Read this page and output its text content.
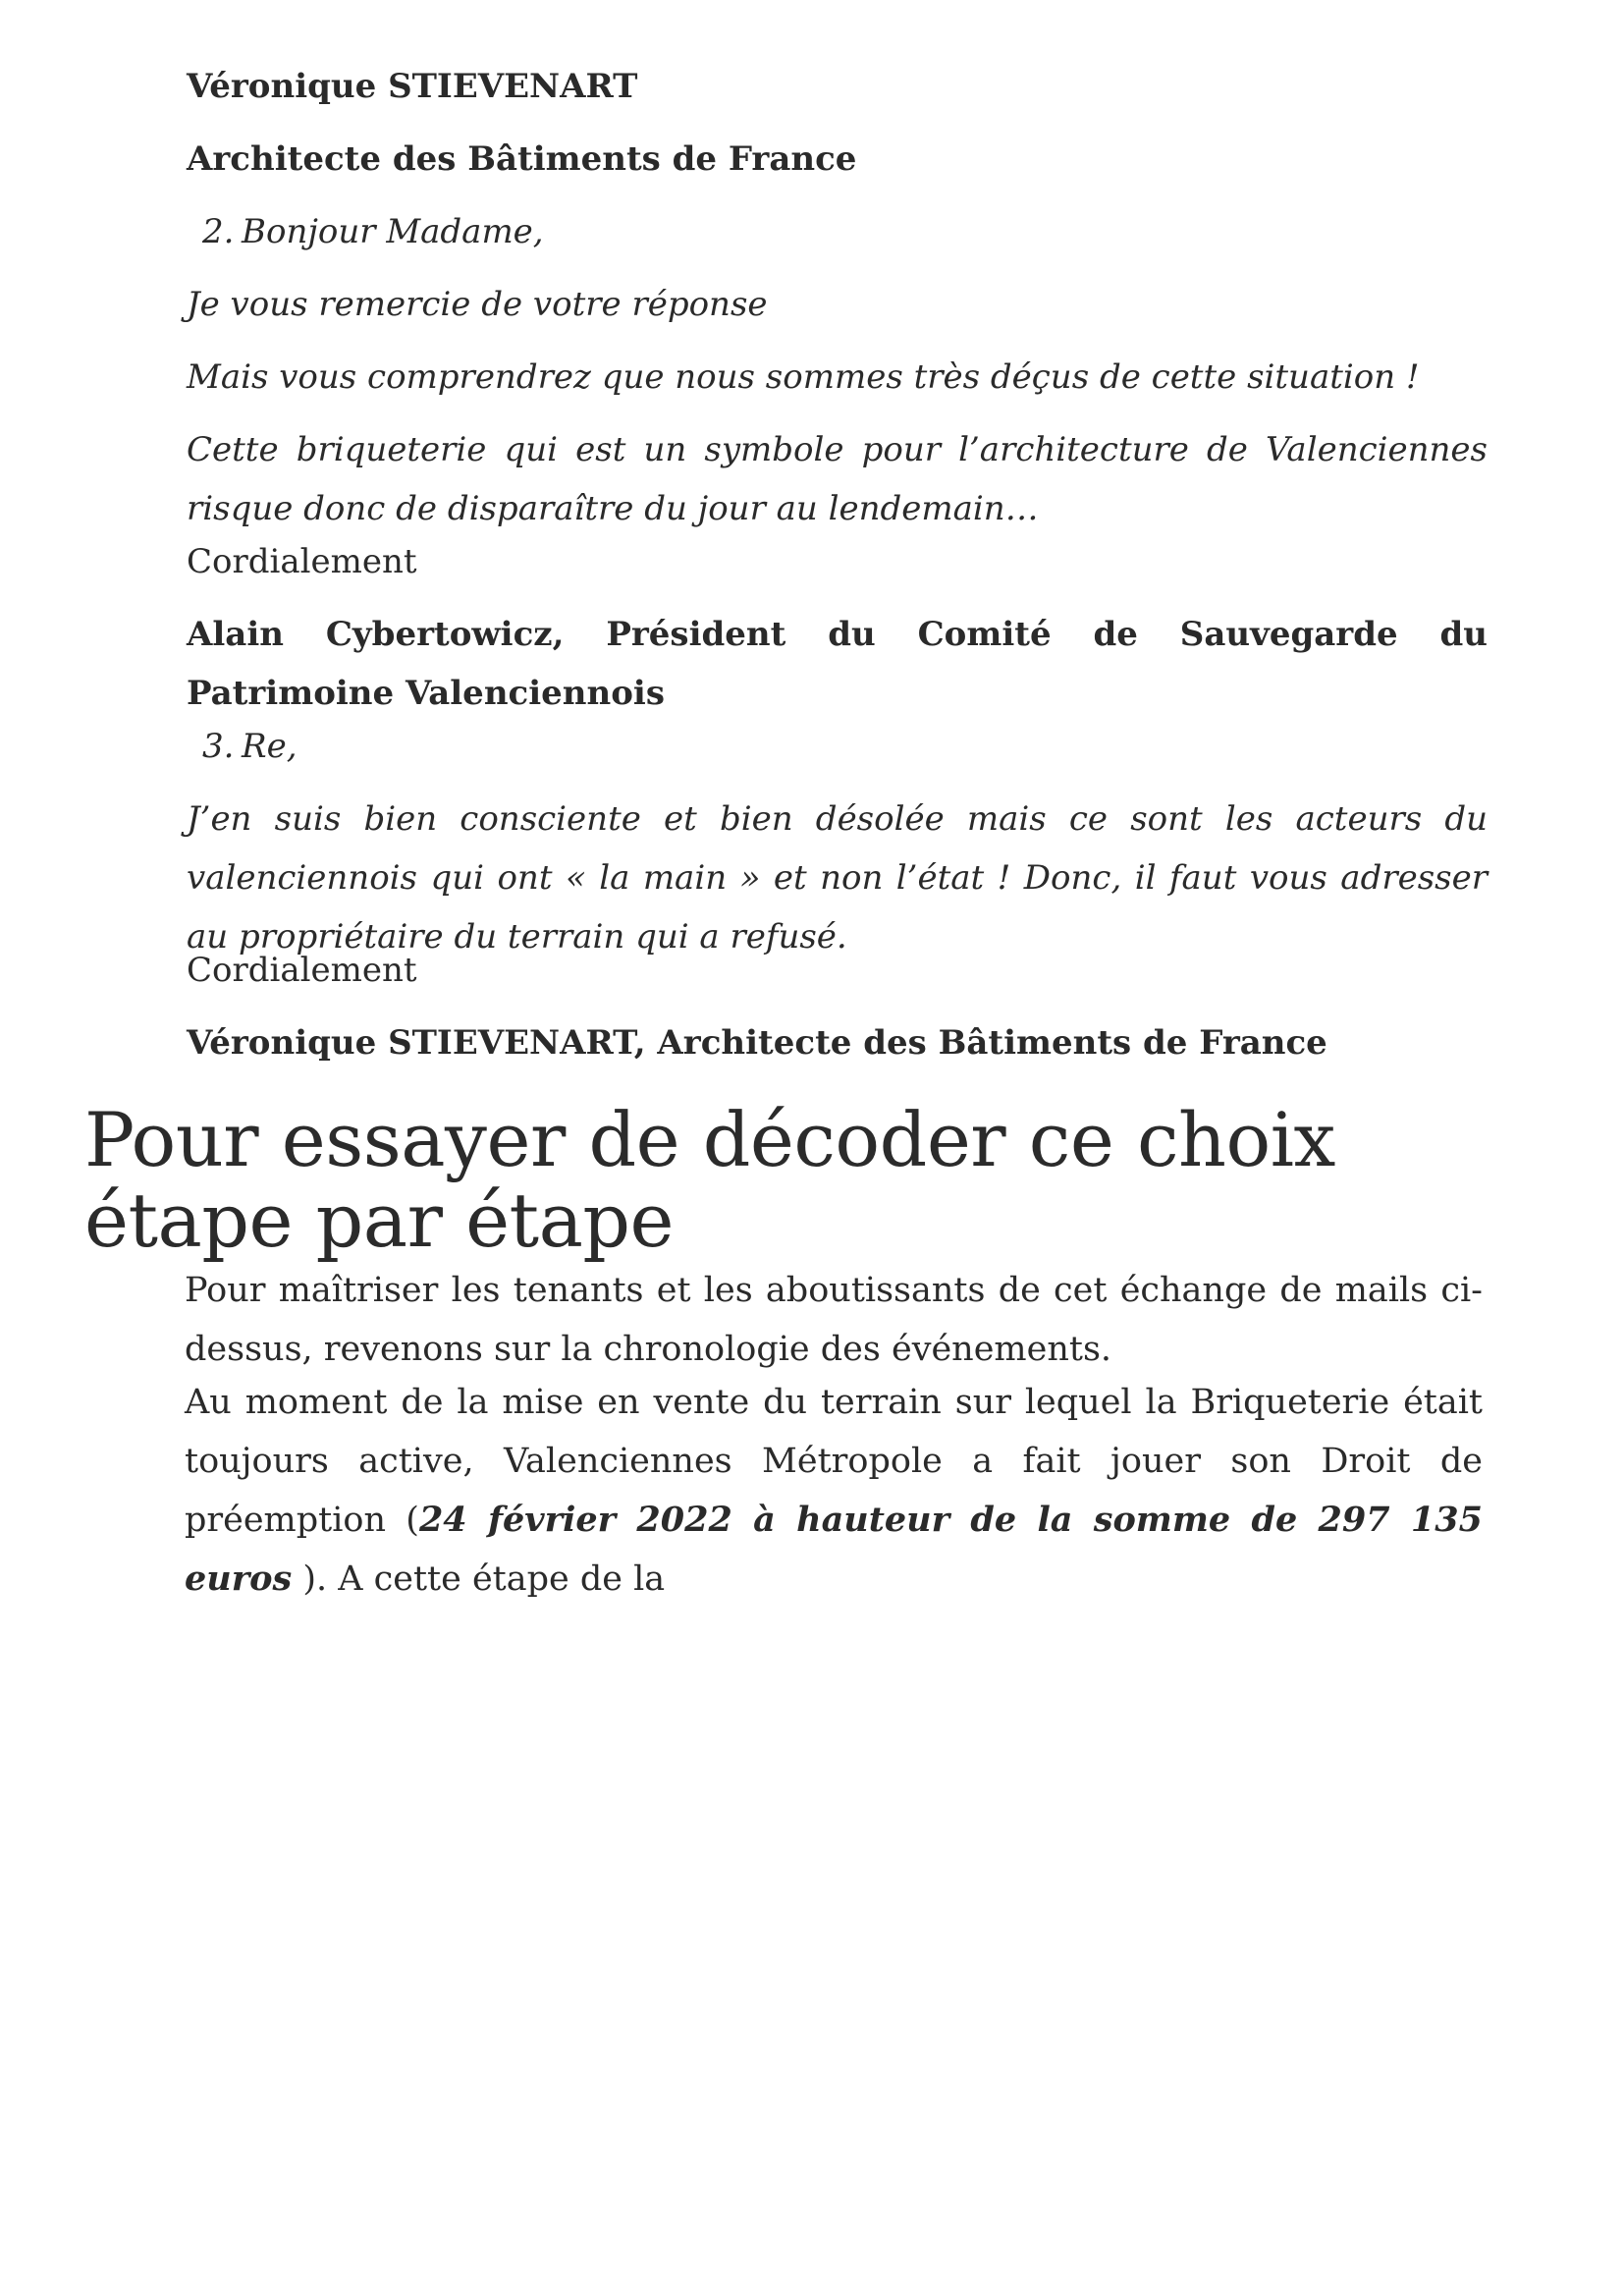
Véronique STIEVENART

Architecte des Bâtiments de France

2. Bonjour Madame,

Je vous remercie de votre réponse

Mais vous comprendrez que nous sommes très déçus de cette situation !

Cette briqueterie qui est un symbole pour l’architecture de Valenciennes risque donc de disparaître du jour au lendemain…

Cordialement

Alain Cybertowicz, Président du Comité de Sauvegarde du Patrimoine Valenciennois

3. Re,

J’en suis bien consciente et bien désolée mais ce sont les acteurs du valenciennois qui ont « la main » et non l’état ! Donc, il faut vous adresser au propriétaire du terrain qui a refusé.

Cordialement

Véronique STIEVENART, Architecte des Bâtiments de France

Pour essayer de décoder ce choix étape par étape

Pour maîtriser les tenants et les aboutissants de cet échange de mails ci-dessus, revenons sur la chronologie des événements.

Au moment de la mise en vente du terrain sur lequel la Briqueterie était toujours active, Valenciennes Métropole a fait jouer son Droit de préemption (24 février 2022 à hauteur de la somme de 297 135 euros ). A cette étape de la
